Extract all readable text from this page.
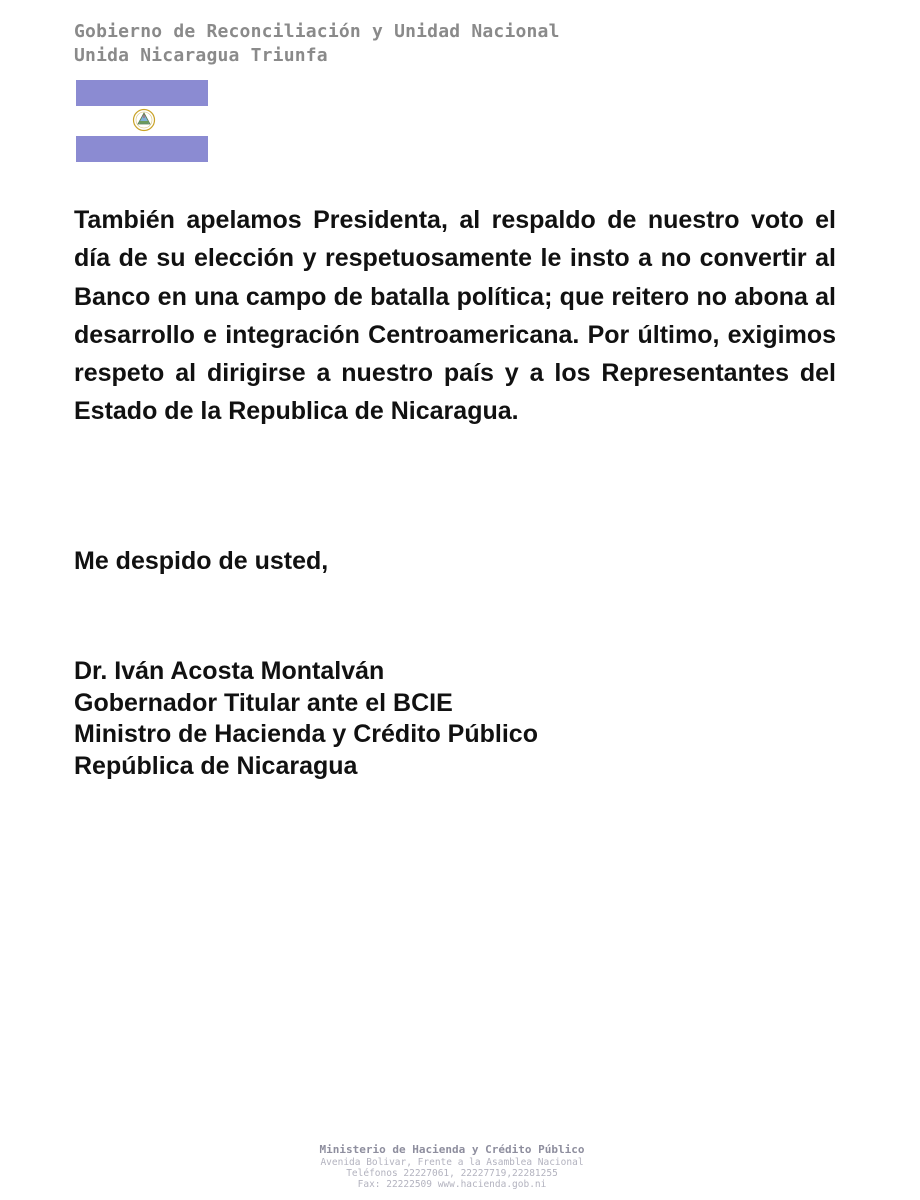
Gobierno de Reconciliación y Unidad Nacional
Unida Nicaragua Triunfa
También apelamos Presidenta, al respaldo de nuestro voto el día de su elección y respetuosamente le insto a no convertir al Banco en una campo de batalla política; que reitero no abona al desarrollo e integración Centroamericana. Por último, exigimos respeto al dirigirse a nuestro país y a los Representantes del Estado de la Republica de Nicaragua.
Me despido de usted,
Dr. Iván Acosta Montalván
Gobernador Titular ante el BCIE
Ministro de Hacienda y Crédito Público
República de Nicaragua
Ministerio de Hacienda y Crédito Público
Avenida Bolivar, Frente a la Asamblea Nacional
Teléfonos 22227061, 22227719,22281255
Fax: 22222509 www.hacienda.gob.ni
